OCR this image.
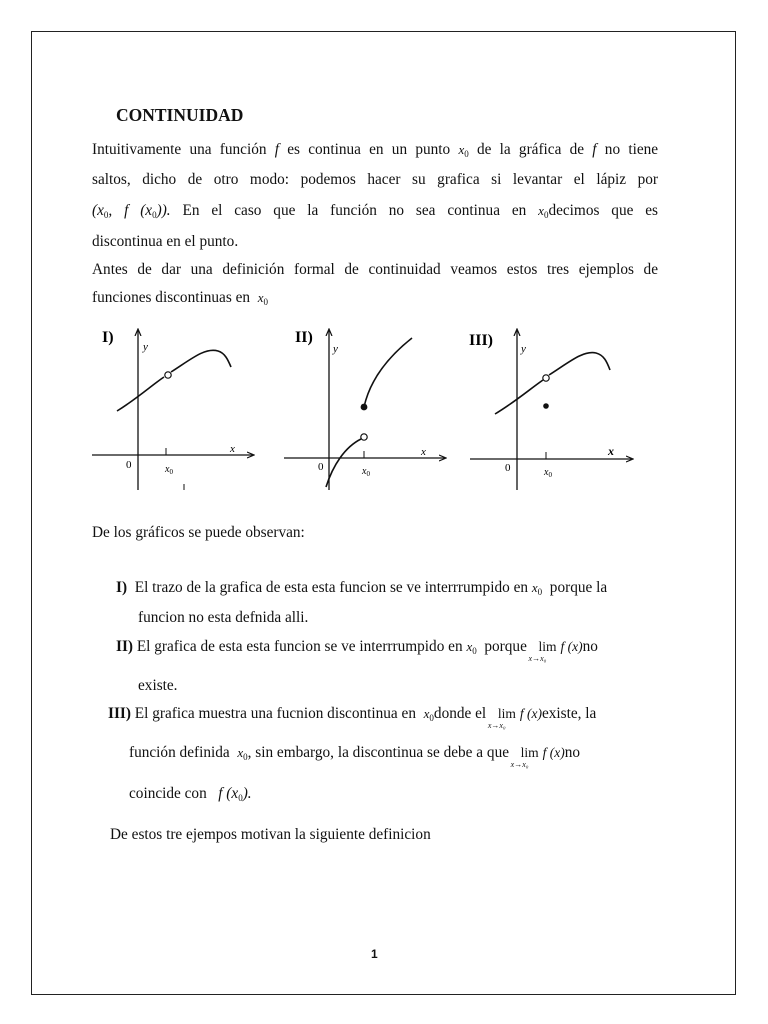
CONTINUIDAD
Intuitivamente una función f es continua en un punto $x_0$ de la gráfica de f no tiene
saltos, dicho de otro modo: podemos hacer su grafica si levantar el lápiz por
($x_0$, f $(x_0)$). En el caso que la función no sea continua en $x_0decimos$ que es
discontinua en el punto.
Antes de dar una definición formal de continuidad veamos estos tres ejemplos de
funciones discontinuas en $x_0$
I)
y
x
0	$x_0$
II)
y
x
0	$x_0$
III)	y
x
0	$x_0$
De los gráficos se puede observan:
I) El trazo de la grafica de esta esta funcion se ve interrrumpido en $x_0$ porque la
funcion no esta defnida alli.
II) El grafica de esta esta funcion se ve interrrumpido en $x_0$ porque lim
x→x₀
f (x)no
existe.
III) El grafica muestra una fucnion discontinua en $x_0donde$ el lim
x→x₀
f (x)existe, la
función definida $x_0$, sin embargo, la discontinua se debe a que lim
x→x₀
f (x)no
coincide con f $(x_0)$.
De estos tre ejempos motivan la siguiente definicion
1
